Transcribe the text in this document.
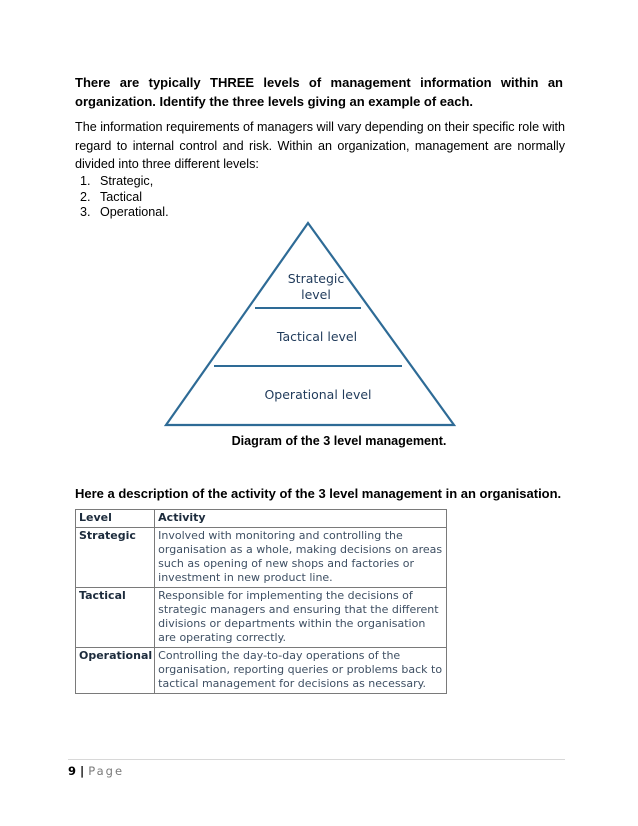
There are typically THREE levels of management information within an
organization. Identify the three levels giving an example of each.
The information requirements of managers will vary depending on their specific role with regard to internal control and risk. Within an organization, management are normally divided into three different levels:
1. Strategic,
2. Tactical
3. Operational.
Strategic
level
Tactical level
Operational level
Diagram of the 3 level management.
Here a description of the activity of the 3 level management in an organisation.
Level	Activity
Strategic	Involved with monitoring and controlling the organisation as a whole, making decisions on areas such as opening of new shops and factories or investment in new product line.
Tactical	Responsible for implementing the decisions of strategic managers and ensuring that the different divisions or departments within the organisation are operating correctly.
Operational	Controlling the day-to-day operations of the organisation, reporting queries or problems back to tactical management for decisions as necessary.
9 | Page
